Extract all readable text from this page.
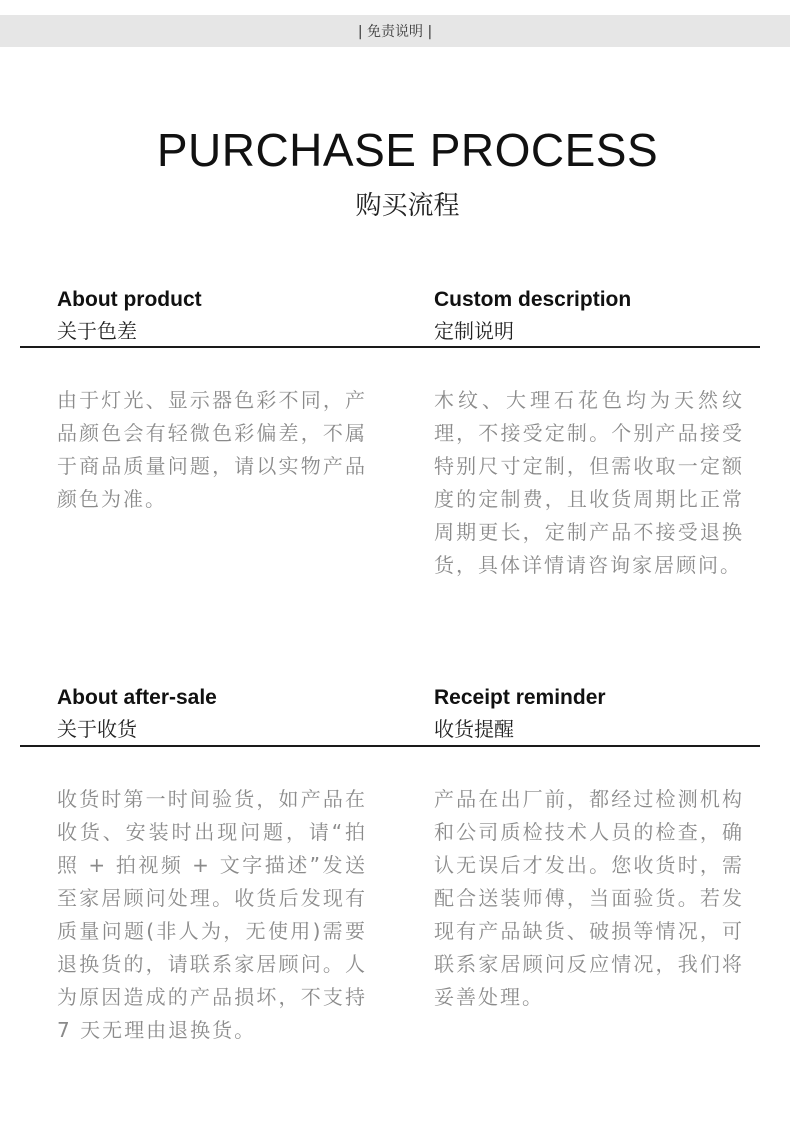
| 免责说明 |
PURCHASE PROCESS
购买流程
About product
关于色差
Custom description
定制说明
由于灯光、显示器色彩不同，产品颜色会有轻微色彩偏差，不属于商品质量问题，请以实物产品颜色为准。
木纹、大理石花色均为天然纹理，不接受定制。个别产品接受特别尺寸定制，但需收取一定额度的定制费，且收货周期比正常周期更长，定制产品不接受退换货，具体详情请咨询家居顾问。
About after-sale
关于收货
Receipt reminder
收货提醒
收货时第一时间验货，如产品在收货、安装时出现问题，请“拍照 + 拍视频 + 文字描述”发送至家居顾问处理。收货后发现有质量问题(非人为，无使用)需要退换货的，请联系家居顾问。人为原因造成的产品损坏，不支持 7 天无理由退换货。
产品在出厂前，都经过检测机构和公司质检技术人员的检查，确认无误后才发出。您收货时，需配合送装师傅，当面验货。若发现有产品缺货、破损等情况，可联系家居顾问反应情况，我们将妥善处理。
